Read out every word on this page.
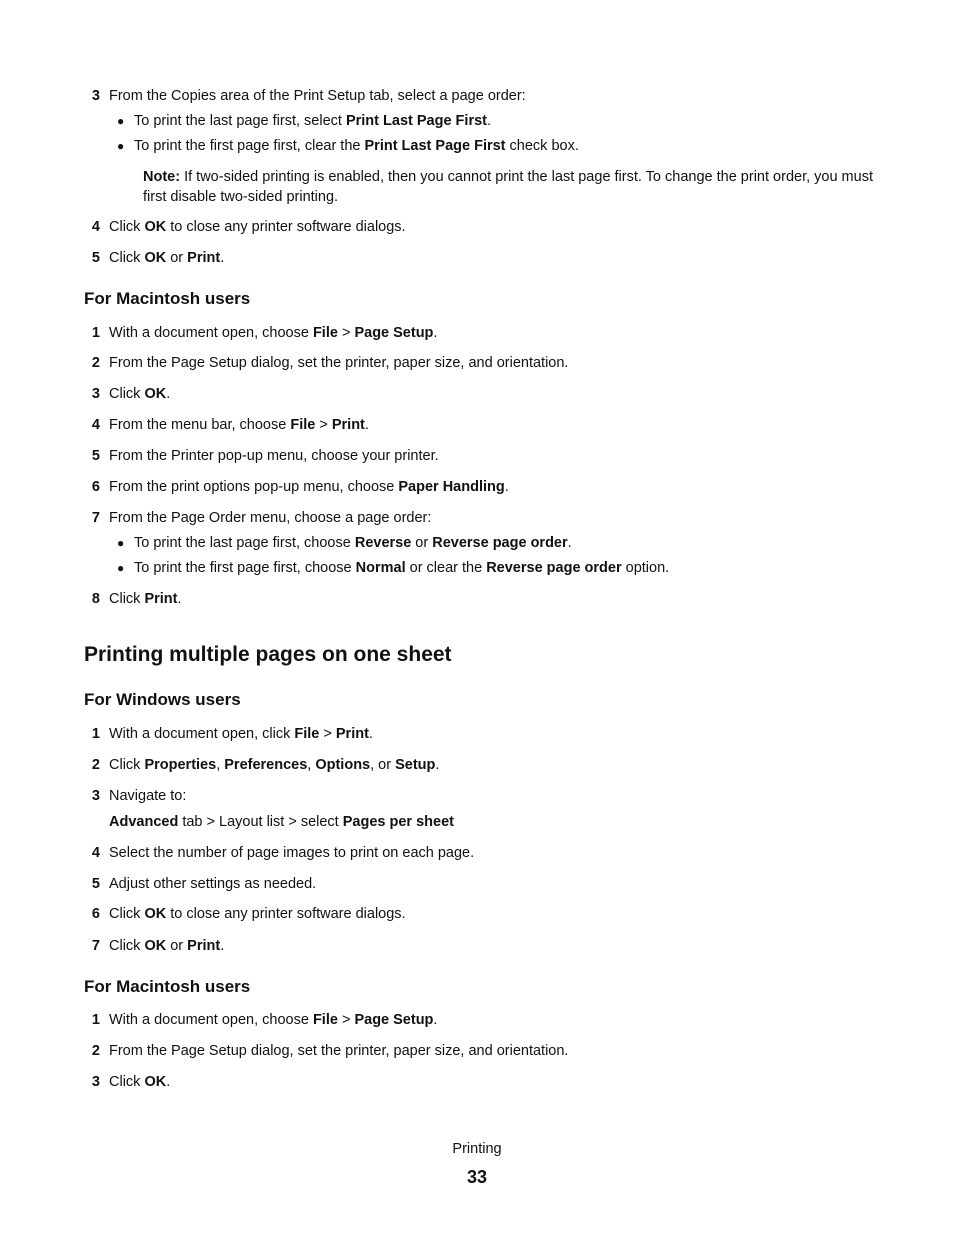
3 From the Copies area of the Print Setup tab, select a page order:
● To print the last page first, select Print Last Page First.
● To print the first page first, clear the Print Last Page First check box.
Note: If two-sided printing is enabled, then you cannot print the last page first. To change the print order, you must first disable two-sided printing.
4 Click OK to close any printer software dialogs.
5 Click OK or Print.
For Macintosh users
1 With a document open, choose File > Page Setup.
2 From the Page Setup dialog, set the printer, paper size, and orientation.
3 Click OK.
4 From the menu bar, choose File > Print.
5 From the Printer pop-up menu, choose your printer.
6 From the print options pop-up menu, choose Paper Handling.
7 From the Page Order menu, choose a page order:
● To print the last page first, choose Reverse or Reverse page order.
● To print the first page first, choose Normal or clear the Reverse page order option.
8 Click Print.
Printing multiple pages on one sheet
For Windows users
1 With a document open, click File > Print.
2 Click Properties, Preferences, Options, or Setup.
3 Navigate to:
Advanced tab > Layout list > select Pages per sheet
4 Select the number of page images to print on each page.
5 Adjust other settings as needed.
6 Click OK to close any printer software dialogs.
7 Click OK or Print.
For Macintosh users
1 With a document open, choose File > Page Setup.
2 From the Page Setup dialog, set the printer, paper size, and orientation.
3 Click OK.
Printing
33
